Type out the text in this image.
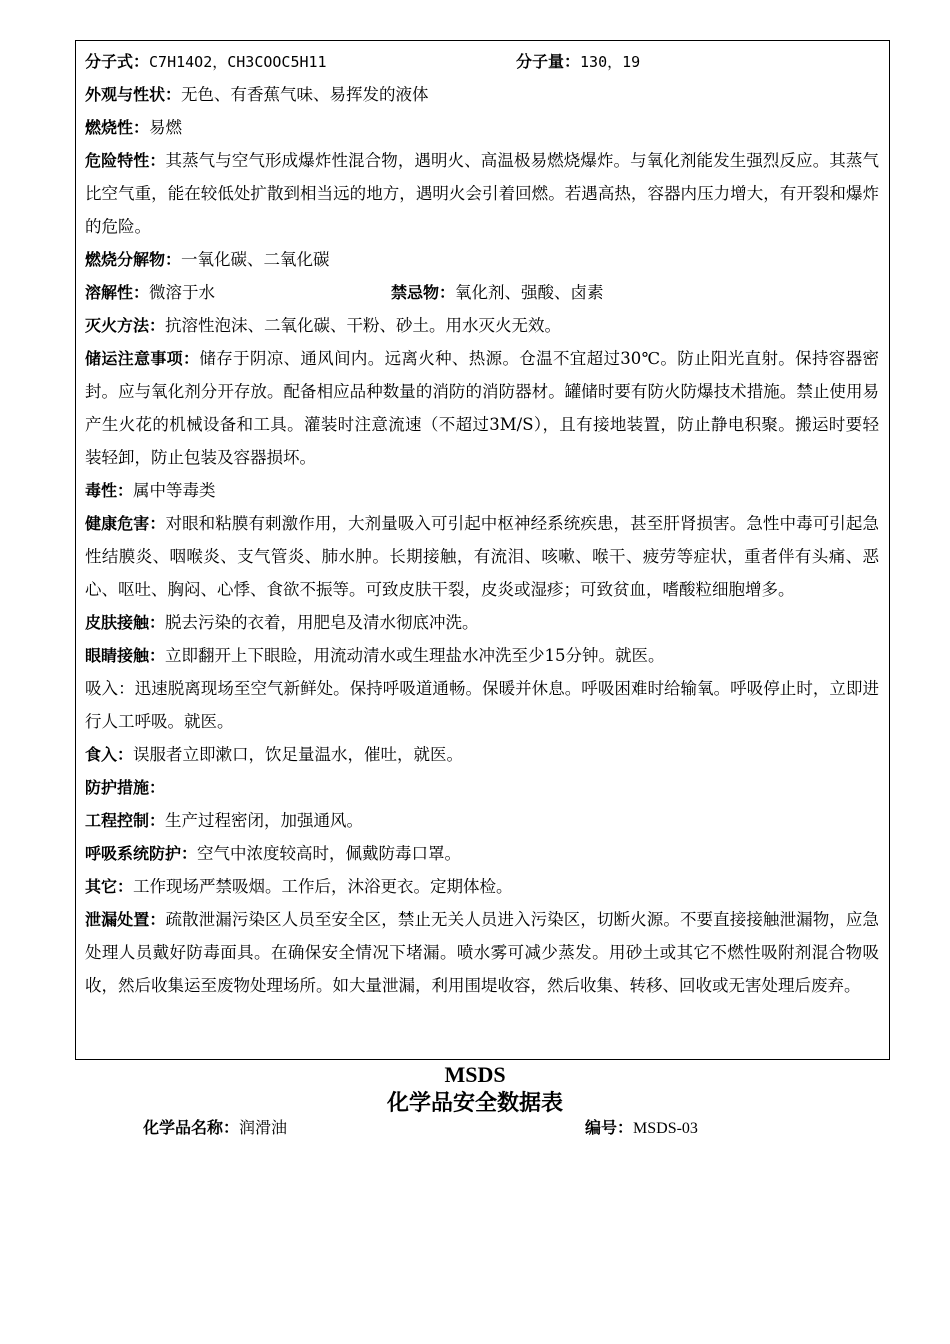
分子式：C7H14O2，CH3COOC5H11	分子量：130，19
外观与性状：无色、有香蕉气味、易挥发的液体
燃烧性：易燃
危险特性：其蒸气与空气形成爆炸性混合物，遇明火、高温极易燃烧爆炸。与氧化剂能发生强烈反应。其蒸气比空气重，能在较低处扩散到相当远的地方，遇明火会引着回燃。若遇高热，容器内压力增大，有开裂和爆炸的危险。
燃烧分解物：一氧化碳、二氧化碳
溶解性：微溶于水	禁忌物：氧化剂、强酸、卤素
灭火方法：抗溶性泡沫、二氧化碳、干粉、砂土。用水灭火无效。
储运注意事项：储存于阴凉、通风间内。远离火种、热源。仓温不宜超过30℃。防止阳光直射。保持容器密封。应与氧化剂分开存放。配备相应品种数量的消防的消防器材。罐储时要有防火防爆技术措施。禁止使用易产生火花的机械设备和工具。灌装时注意流速（不超过3M/S），且有接地装置，防止静电积聚。搬运时要轻装轻卸，防止包装及容器损坏。
毒性：属中等毒类
健康危害：对眼和粘膜有刺激作用，大剂量吸入可引起中枢神经系统疾患，甚至肝肾损害。急性中毒可引起急性结膜炎、咽喉炎、支气管炎、肺水肿。长期接触，有流泪、咳嗽、喉干、疲劳等症状，重者伴有头痛、恶心、呕吐、胸闷、心悸、食欲不振等。可致皮肤干裂，皮炎或湿疹；可致贫血，嗜酸粒细胞增多。
皮肤接触：脱去污染的衣着，用肥皂及清水彻底冲洗。
眼睛接触：立即翻开上下眼睑，用流动清水或生理盐水冲洗至少15分钟。就医。
吸入：迅速脱离现场至空气新鲜处。保持呼吸道通畅。保暖并休息。呼吸困难时给输氧。呼吸停止时，立即进行人工呼吸。就医。
食入：误服者立即漱口，饮足量温水，催吐，就医。
防护措施：
工程控制：生产过程密闭，加强通风。
呼吸系统防护：空气中浓度较高时，佩戴防毒口罩。
其它：工作现场严禁吸烟。工作后，沐浴更衣。定期体检。
泄漏处置：疏散泄漏污染区人员至安全区，禁止无关人员进入污染区，切断火源。不要直接接触泄漏物，应急处理人员戴好防毒面具。在确保安全情况下堵漏。喷水雾可减少蒸发。用砂土或其它不燃性吸附剂混合物吸收，然后收集运至废物处理场所。如大量泄漏，利用围堤收容，然后收集、转移、回收或无害处理后废弃。
MSDS
化学品安全数据表
化学品名称：润滑油	编号：MSDS-03
